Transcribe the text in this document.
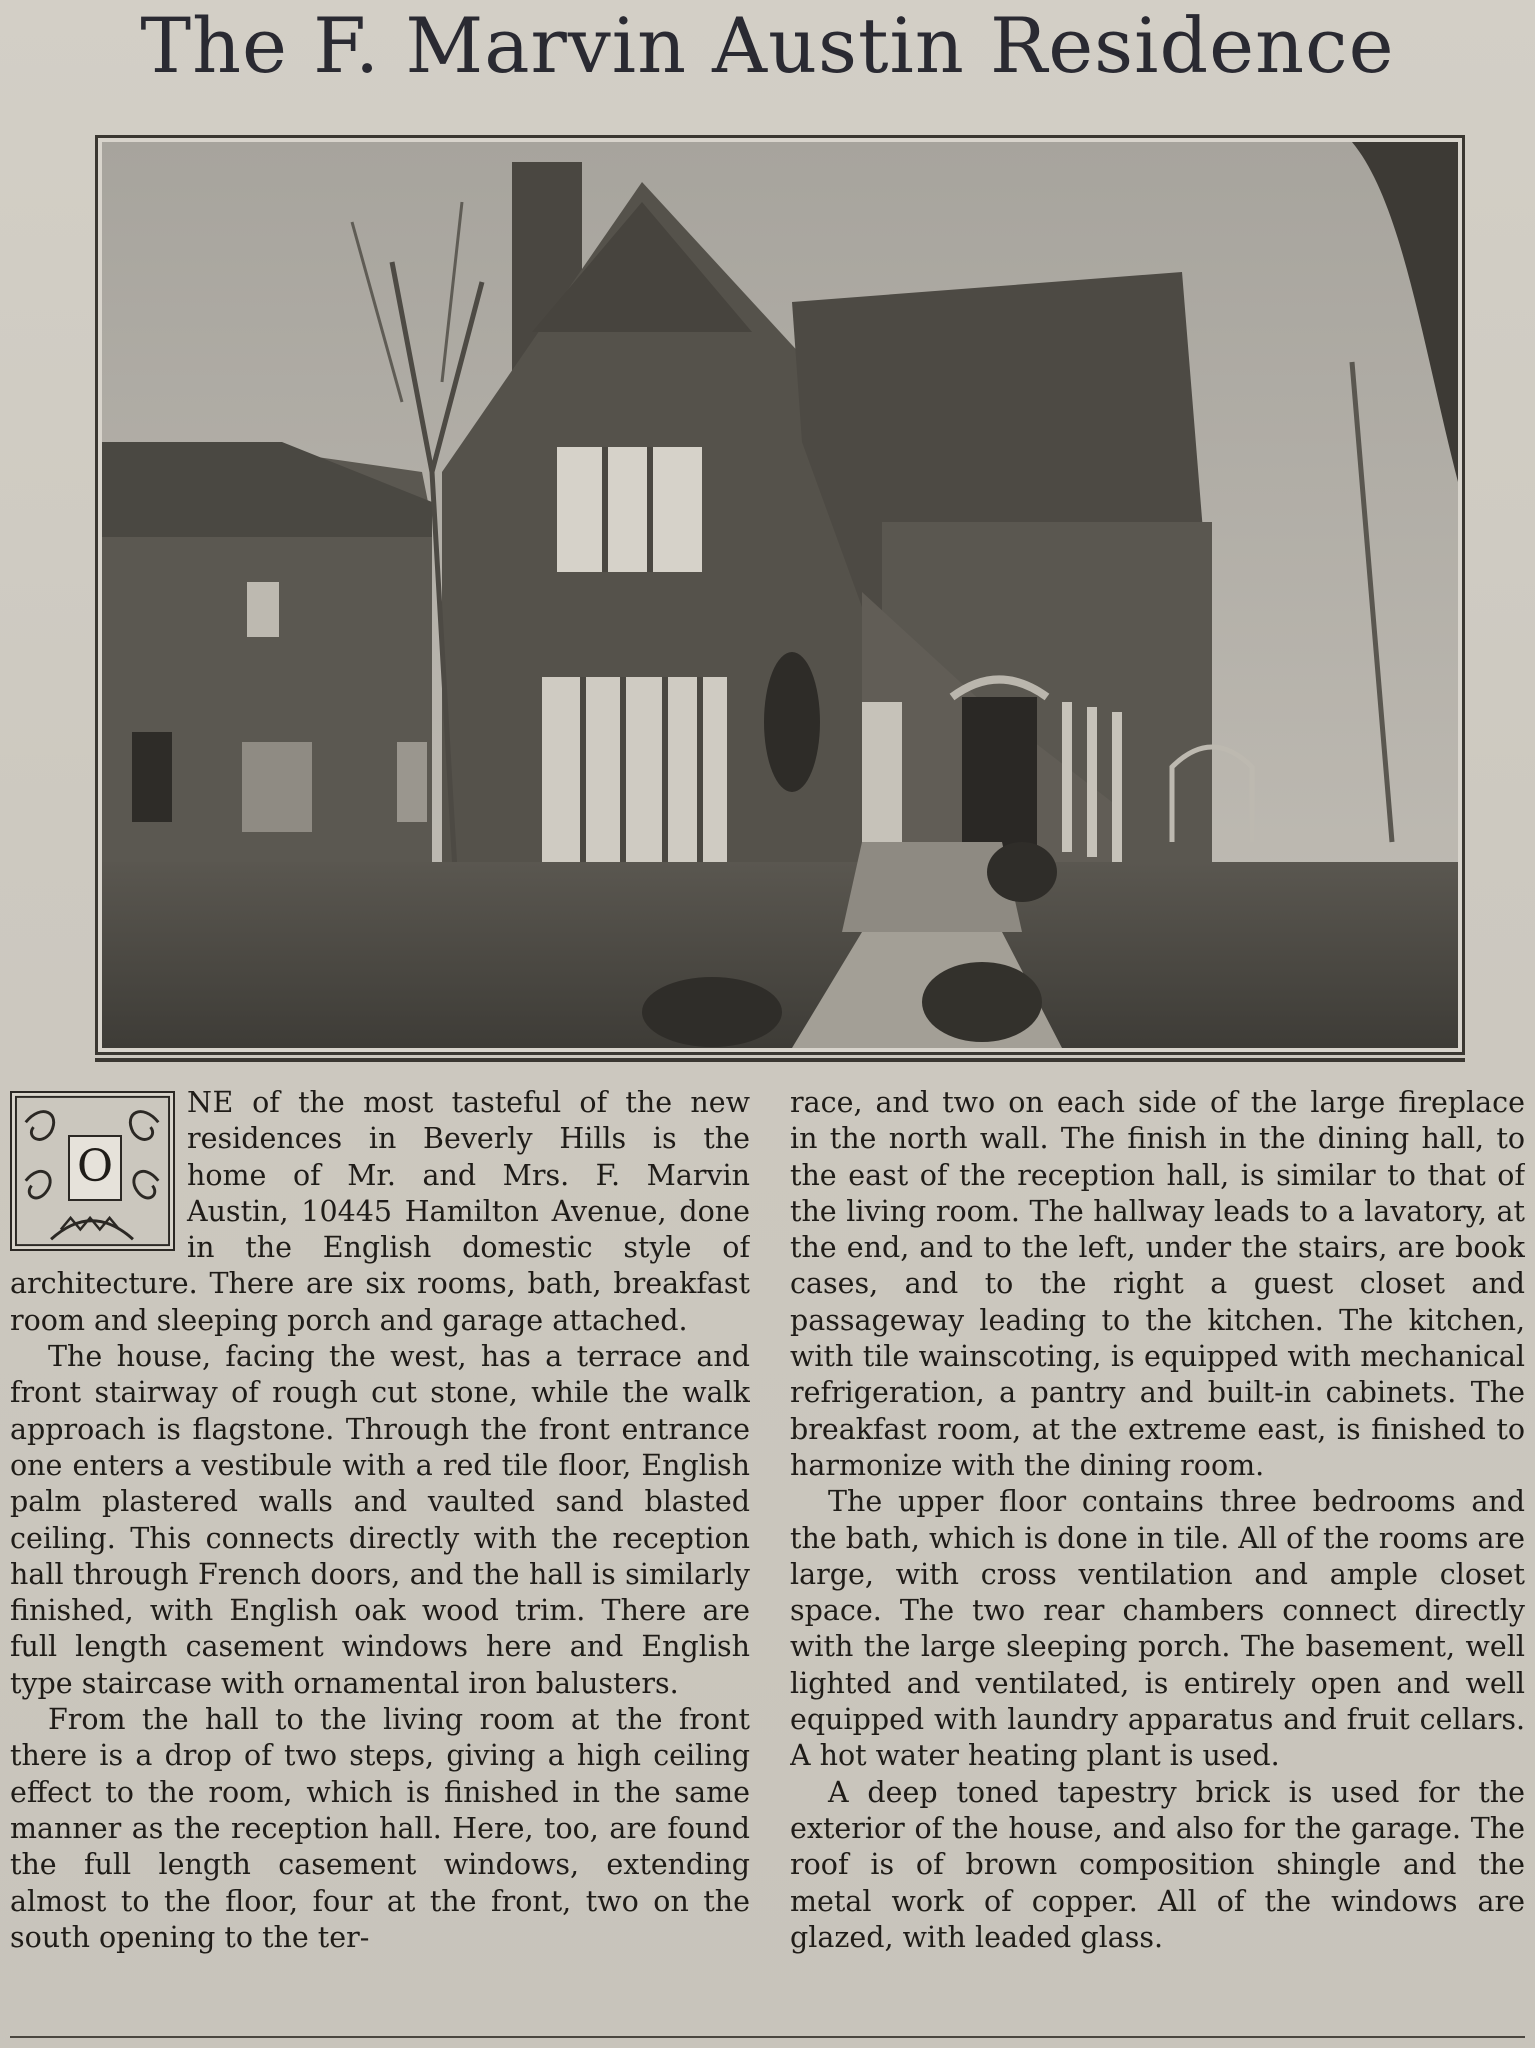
The F. Marvin Austin Residence

O
NE of the most tasteful of the new residences in Beverly Hills is the home of Mr. and Mrs. F. Marvin Austin, 10445 Hamilton Avenue, done in the English domestic style of architecture. There are six rooms, bath, breakfast room and sleeping porch and garage attached.

The house, facing the west, has a terrace and front stairway of rough cut stone, while the walk approach is flagstone. Through the front entrance one enters a vestibule with a red tile floor, English palm plastered walls and vaulted sand blasted ceiling. This connects directly with the reception hall through French doors, and the hall is similarly finished, with English oak wood trim. There are full length casement windows here and English type staircase with ornamental iron balusters.

From the hall to the living room at the front there is a drop of two steps, giving a high ceiling effect to the room, which is finished in the same manner as the reception hall. Here, too, are found the full length casement windows, extending almost to the floor, four at the front, two on the south opening to the ter-

race, and two on each side of the large fireplace in the north wall. The finish in the dining hall, to the east of the reception hall, is similar to that of the living room. The hallway leads to a lavatory, at the end, and to the left, under the stairs, are book cases, and to the right a guest closet and passageway leading to the kitchen. The kitchen, with tile wainscoting, is equipped with mechanical refrigeration, a pantry and built-in cabinets. The breakfast room, at the extreme east, is finished to harmonize with the dining room.

The upper floor contains three bedrooms and the bath, which is done in tile. All of the rooms are large, with cross ventilation and ample closet space. The two rear chambers connect directly with the large sleeping porch. The basement, well lighted and ventilated, is entirely open and well equipped with laundry apparatus and fruit cellars. A hot water heating plant is used.

A deep toned tapestry brick is used for the exterior of the house, and also for the garage. The roof is of brown composition shingle and the metal work of copper. All of the windows are glazed, with leaded glass.
